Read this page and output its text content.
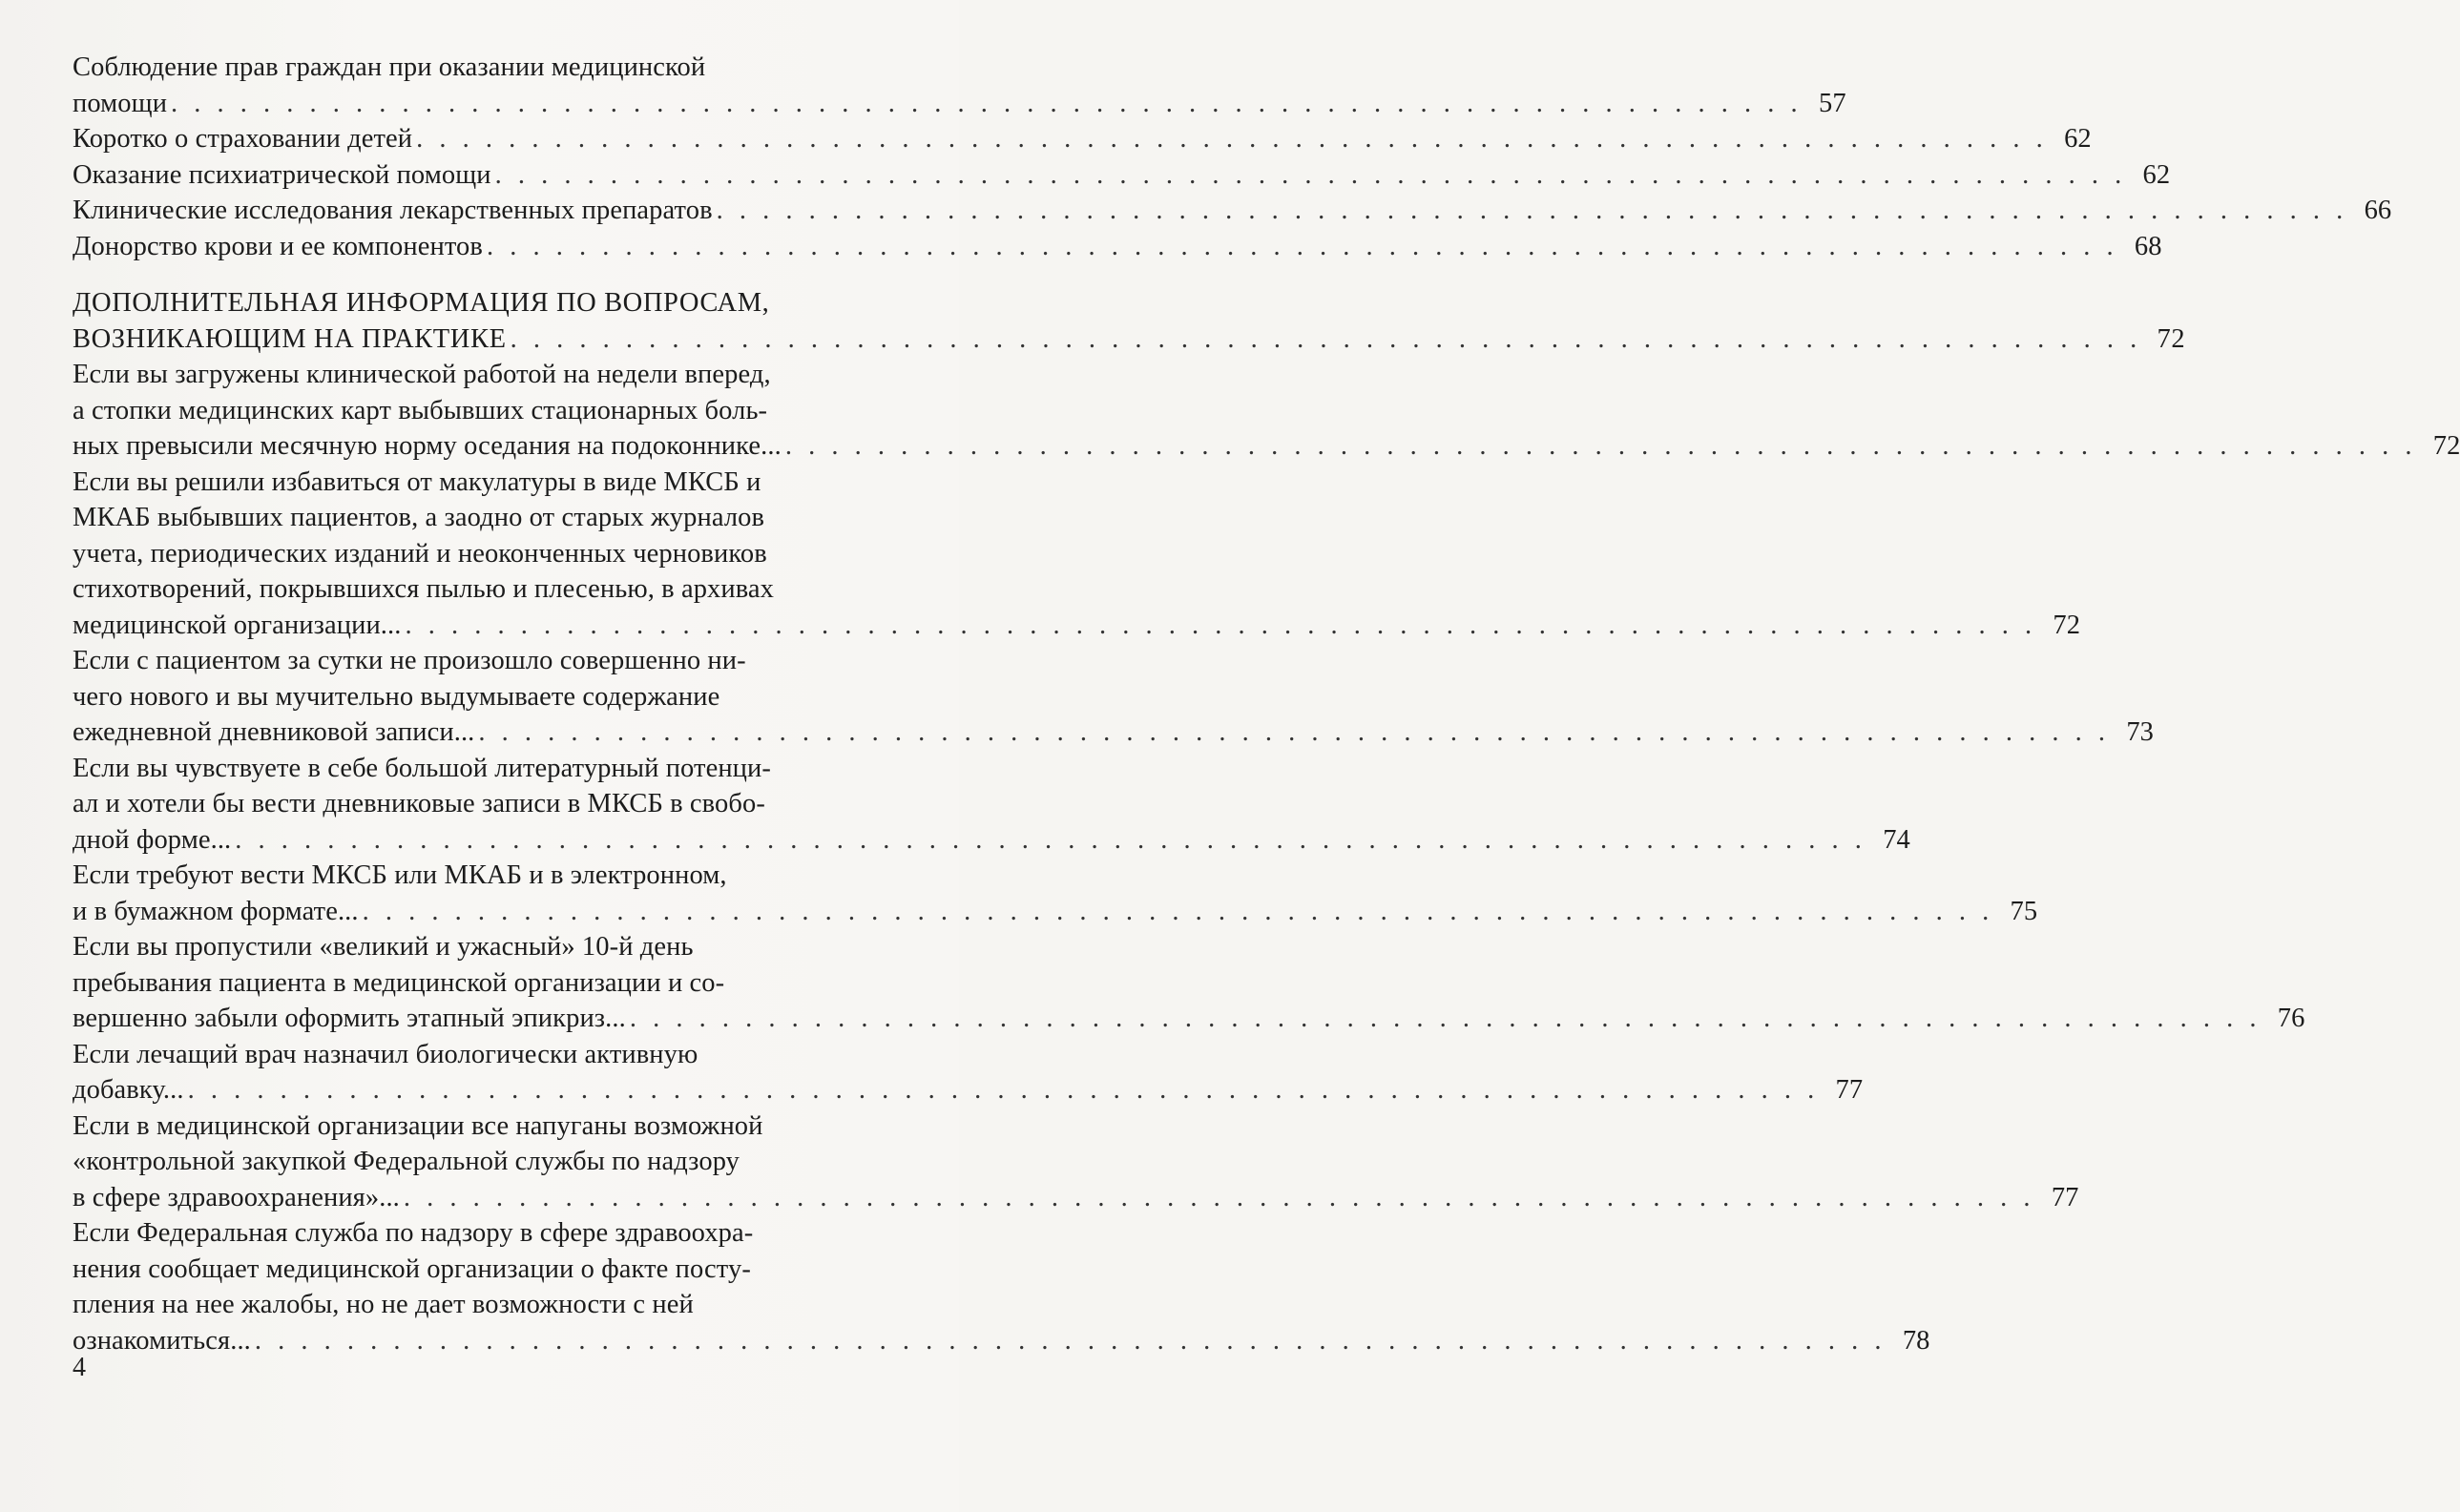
Соблюдение прав граждан при оказании медицинской
помощи . . . . . . . . . . . . . . . . . . . . . . . . . . . . . . . . . . . . . . . . . . . . . . . . . . . . . . . . . . . . . . . . . . . . . . . 57
Коротко о страховании детей . . . . . . . . . . . . . . . . . . . . . . . . . . . . . . . . . . . . . . . . . . . . . . . . . . . . . . . . . . . . . . . . . . . . . . . 62
Оказание психиатрической помощи . . . . . . . . . . . . . . . . . . . . . . . . . . . . . . . . . . . . . . . . . . . . . . . . . . . . . . . . . . . . . . . . . . . . . . . 62
Клинические исследования лекарственных препаратов . . . . . . . . . . . . . . . . . . . . . . . . . . . . . . . . . . . . . . . . . . . . . . . . . . . . . . . . . . . . . . . . . . . . . . . 66
Донорство крови и ее компонентов . . . . . . . . . . . . . . . . . . . . . . . . . . . . . . . . . . . . . . . . . . . . . . . . . . . . . . . . . . . . . . . . . . . . . . . 68
ДОПОЛНИТЕЛЬНАЯ ИНФОРМАЦИЯ ПО ВОПРОСАМ,
ВОЗНИКАЮЩИМ НА ПРАКТИКЕ . . . . . . . . . . . . . . . . . . . . . . . . . . . . . . . . . . . . . . . . . . . . . . . . . . . . . . . . . . . . . . . . . . . . . . . 72
Если вы загружены клинической работой на недели вперед,
а стопки медицинских карт выбывших стационарных боль-
ных превысили месячную норму оседания на подоконнике... . . . . . . . . . . . . . . . . . . . . . . . . . . . . . . . . . . . . . . . . . . . . . . . . . . . . . . . . . . . . . . . . . . . . . . . 72
Если вы решили избавиться от макулатуры в виде МКСБ и
МКАБ выбывших пациентов, а заодно от старых журналов
учета, периодических изданий и неоконченных черновиков
стихотворений, покрывшихся пылью и плесенью, в архивах
медицинской организации... . . . . . . . . . . . . . . . . . . . . . . . . . . . . . . . . . . . . . . . . . . . . . . . . . . . . . . . . . . . . . . . . . . . . . . . 72
Если с пациентом за сутки не произошло совершенно ни-
чего нового и вы мучительно выдумываете содержание
ежедневной дневниковой записи... . . . . . . . . . . . . . . . . . . . . . . . . . . . . . . . . . . . . . . . . . . . . . . . . . . . . . . . . . . . . . . . . . . . . . . . 73
Если вы чувствуете в себе большой литературный потенци-
ал и хотели бы вести дневниковые записи в МКСБ в свобо-
дной форме... . . . . . . . . . . . . . . . . . . . . . . . . . . . . . . . . . . . . . . . . . . . . . . . . . . . . . . . . . . . . . . . . . . . . . . . 74
Если требуют вести МКСБ или МКАБ и в электронном,
и в бумажном формате... . . . . . . . . . . . . . . . . . . . . . . . . . . . . . . . . . . . . . . . . . . . . . . . . . . . . . . . . . . . . . . . . . . . . . . . 75
Если вы пропустили «великий и ужасный» 10-й день
пребывания пациента в медицинской организации и со-
вершенно забыли оформить этапный эпикриз... . . . . . . . . . . . . . . . . . . . . . . . . . . . . . . . . . . . . . . . . . . . . . . . . . . . . . . . . . . . . . . . . . . . . . . . 76
Если лечащий врач назначил биологически активную
добавку... . . . . . . . . . . . . . . . . . . . . . . . . . . . . . . . . . . . . . . . . . . . . . . . . . . . . . . . . . . . . . . . . . . . . . . . 77
Если в медицинской организации все напуганы возможной
«контрольной закупкой Федеральной службы по надзору
в сфере здравоохранения»... . . . . . . . . . . . . . . . . . . . . . . . . . . . . . . . . . . . . . . . . . . . . . . . . . . . . . . . . . . . . . . . . . . . . . . . 77
Если Федеральная служба по надзору в сфере здравоохра-
нения сообщает медицинской организации о факте посту-
пления на нее жалобы, но не дает возможности с ней
ознакомиться... . . . . . . . . . . . . . . . . . . . . . . . . . . . . . . . . . . . . . . . . . . . . . . . . . . . . . . . . . . . . . . . . . . . . . . . 78
4
